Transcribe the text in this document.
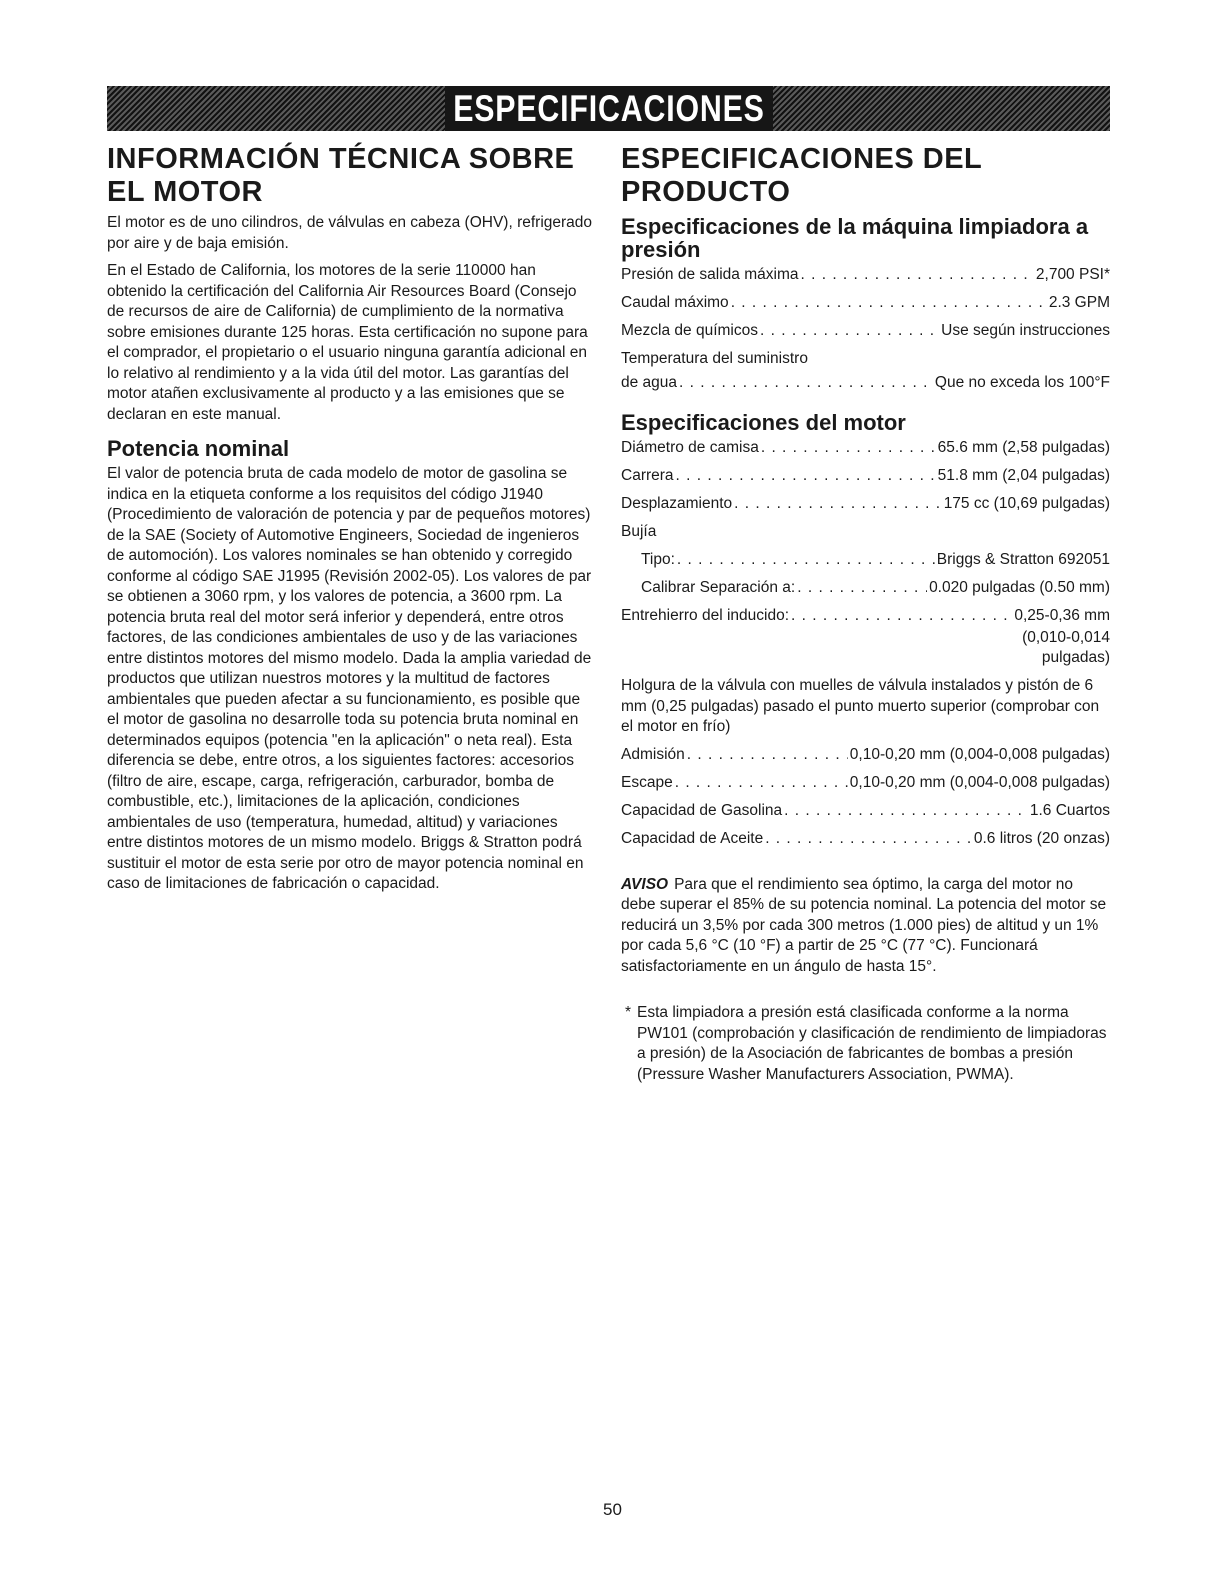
ESPECIFICACIONES
INFORMACIÓN TÉCNICA SOBRE EL MOTOR

El motor es de uno cilindros, de válvulas en cabeza (OHV), refrigerado por aire y de baja emisión.

En el Estado de California, los motores de la serie 110000 han obtenido la certificación del California Air Resources Board (Consejo de recursos de aire de California) de cumplimiento de la normativa sobre emisiones durante 125 horas. Esta certificación no supone para el comprador, el propietario o el usuario ninguna garantía adicional en lo relativo al rendimiento y a la vida útil del motor. Las garantías del motor atañen exclusivamente al producto y a las emisiones que se declaran en este manual.

Potencia nominal

El valor de potencia bruta de cada modelo de motor de gasolina se indica en la etiqueta conforme a los requisitos del código J1940 (Procedimiento de valoración de potencia y par de pequeños motores) de la SAE (Society of Automotive Engineers, Sociedad de ingenieros de automoción). Los valores nominales se han obtenido y corregido conforme al código SAE J1995 (Revisión 2002-05). Los valores de par se obtienen a 3060 rpm, y los valores de potencia, a 3600 rpm. La potencia bruta real del motor será inferior y dependerá, entre otros factores, de las condiciones ambientales de uso y de las variaciones entre distintos motores del mismo modelo. Dada la amplia variedad de productos que utilizan nuestros motores y la multitud de factores ambientales que pueden afectar a su funcionamiento, es posible que el motor de gasolina no desarrolle toda su potencia bruta nominal en determinados equipos (potencia "en la aplicación" o neta real). Esta diferencia se debe, entre otros, a los siguientes factores: accesorios (filtro de aire, escape, carga, refrigeración, carburador, bomba de combustible, etc.), limitaciones de la aplicación, condiciones ambientales de uso (temperatura, humedad, altitud) y variaciones entre distintos motores de un mismo modelo. Briggs & Stratton podrá sustituir el motor de esta serie por otro de mayor potencia nominal en caso de limitaciones de fabricación o capacidad.

ESPECIFICACIONES DEL PRODUCTO
Especificaciones de la máquina limpiadora a presión
Presión de salida máxima . . .	2,700 PSI*
Caudal máximo . . .	2.3 GPM
Mezcla de químicos . . .	Use según instrucciones
Temperatura del suministro
de agua . . .	Que no exceda los 100°F
Especificaciones del motor
Diámetro de camisa . . .	65.6 mm (2,58 pulgadas)
Carrera . . .	51.8 mm (2,04 pulgadas)
Desplazamiento . . .	175 cc (10,69 pulgadas)
Bujía
Tipo: . . .	Briggs & Stratton 692051
Calibrar Separación a: . . .	0.020 pulgadas (0.50 mm)
Entrehierro del inducido: . . .	0,25-0,36 mm
(0,010-0,014
pulgadas)

Holgura de la válvula con muelles de válvula instalados y pistón de 6 mm (0,25 pulgadas) pasado el punto muerto superior (comprobar con el motor en frío)

Admisión . . .	0,10-0,20 mm (0,004-0,008 pulgadas)
Escape . . .	0,10-0,20 mm (0,004-0,008 pulgadas)
Capacidad de Gasolina . . .	1.6 Cuartos
Capacidad de Aceite . . .	0.6 litros (20 onzas)

AVISO Para que el rendimiento sea óptimo, la carga del motor no debe superar el 85% de su potencia nominal. La potencia del motor se reducirá un 3,5% por cada 300 metros (1.000 pies) de altitud y un 1% por cada 5,6 °C (10 °F) a partir de 25 °C (77 °C). Funcionará satisfactoriamente en un ángulo de hasta 15°.

* Esta limpiadora a presión está clasificada conforme a la norma PW101 (comprobación y clasificación de rendimiento de limpiadoras a presión) de la Asociación de fabricantes de bombas a presión (Pressure Washer Manufacturers Association, PWMA).

50
